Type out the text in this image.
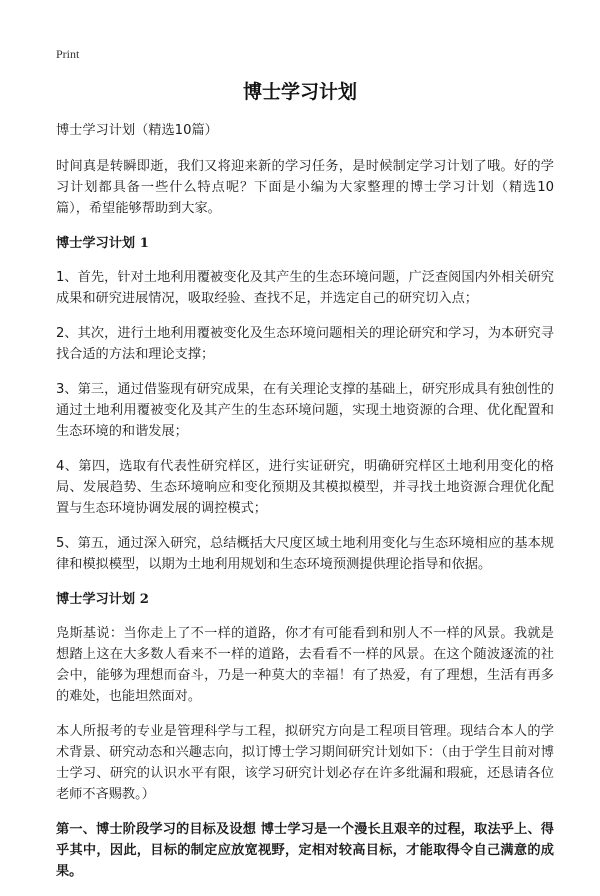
Print
博士学习计划

博士学习计划（精选10篇）

时间真是转瞬即逝，我们又将迎来新的学习任务，是时候制定学习计划了哦。好的学习计划都具备一些什么特点呢？下面是小编为大家整理的博士学习计划（精选10篇），希望能够帮助到大家。

博士学习计划 1

1、首先，针对土地利用覆被变化及其产生的生态环境问题，广泛查阅国内外相关研究成果和研究进展情况，吸取经验、查找不足，并选定自己的研究切入点；

2、其次，进行土地利用覆被变化及生态环境问题相关的理论研究和学习，为本研究寻找合适的方法和理论支撑；

3、第三，通过借鉴现有研究成果，在有关理论支撑的基础上，研究形成具有独创性的通过土地利用覆被变化及其产生的生态环境问题，实现土地资源的合理、优化配置和生态环境的和谐发展；

4、第四，选取有代表性研究样区，进行实证研究，明确研究样区土地利用变化的格局、发展趋势、生态环境响应和变化预期及其模拟模型，并寻找土地资源合理优化配置与生态环境协调发展的调控模式；

5、第五，通过深入研究，总结概括大尺度区域土地利用变化与生态环境相应的基本规律和模拟模型，以期为土地利用规划和生态环境预测提供理论指导和依据。

博士学习计划 2

凫斯基说：当你走上了不一样的道路，你才有可能看到和别人不一样的风景。我就是想踏上这在大多数人看来不一样的道路，去看看不一样的风景。在这个随波逐流的社会中，能够为理想而奋斗，乃是一种莫大的幸福！有了热爱，有了理想，生活有再多的难处，也能坦然面对。

本人所报考的专业是管理科学与工程，拟研究方向是工程项目管理。现结合本人的学术背景、研究动态和兴趣志向，拟订博士学习期间研究计划如下：（由于学生目前对博士学习、研究的认识水平有限，该学习研究计划必存在许多纰漏和瑕疵，还恳请各位老师不吝赐教。）

第一、博士阶段学习的目标及设想 博士学习是一个漫长且艰辛的过程，取法乎上、得乎其中，因此，目标的制定应放宽视野，定相对较高目标，才能取得令自己满意的成果。
